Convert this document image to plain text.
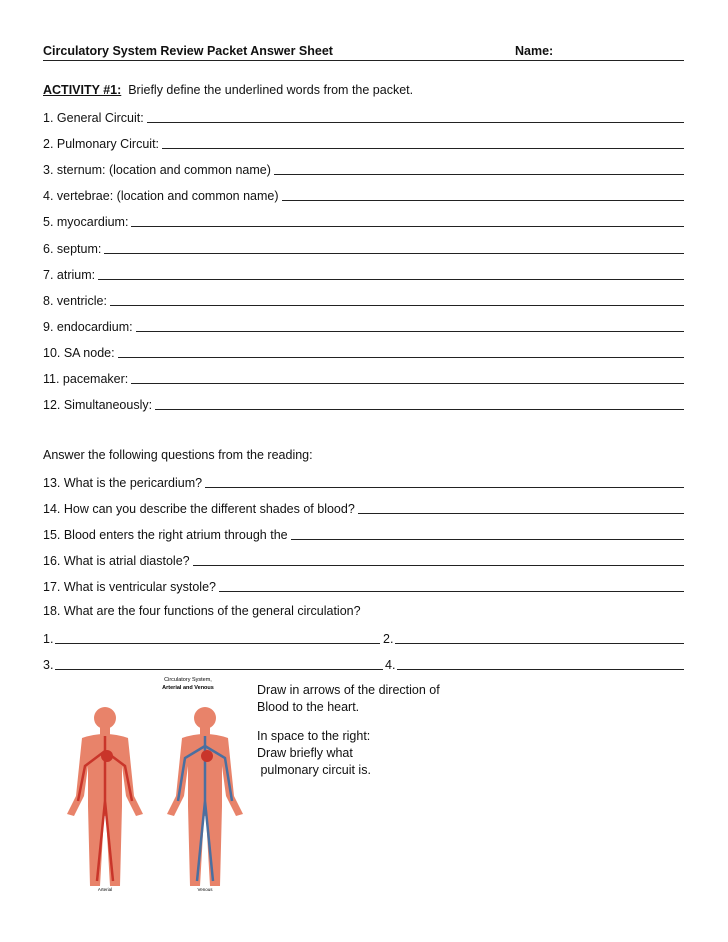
Circulatory System Review Packet Answer Sheet	Name:
ACTIVITY #1: Briefly define the underlined words from the packet.
1. General Circuit:
2. Pulmonary Circuit:
3. sternum: (location and common name)
4. vertebrae: (location and common name)
5. myocardium:
6. septum:
7. atrium:
8. ventricle:
9. endocardium:
10. SA node:
11. pacemaker:
12. Simultaneously:
Answer the following questions from the reading:
13. What is the pericardium?
14. How can you describe the different shades of blood?
15. Blood enters the right atrium through the
16. What is atrial diastole?
17. What is ventricular systole?
18. What are the four functions of the general circulation?
1.	2.
3.	4.
Circulatory System,
Arterial and Venous
Arterial	Venous
Draw in arrows of the direction of
Blood to the heart.
In space to the right:
Draw briefly what
pulmonary circuit is.
